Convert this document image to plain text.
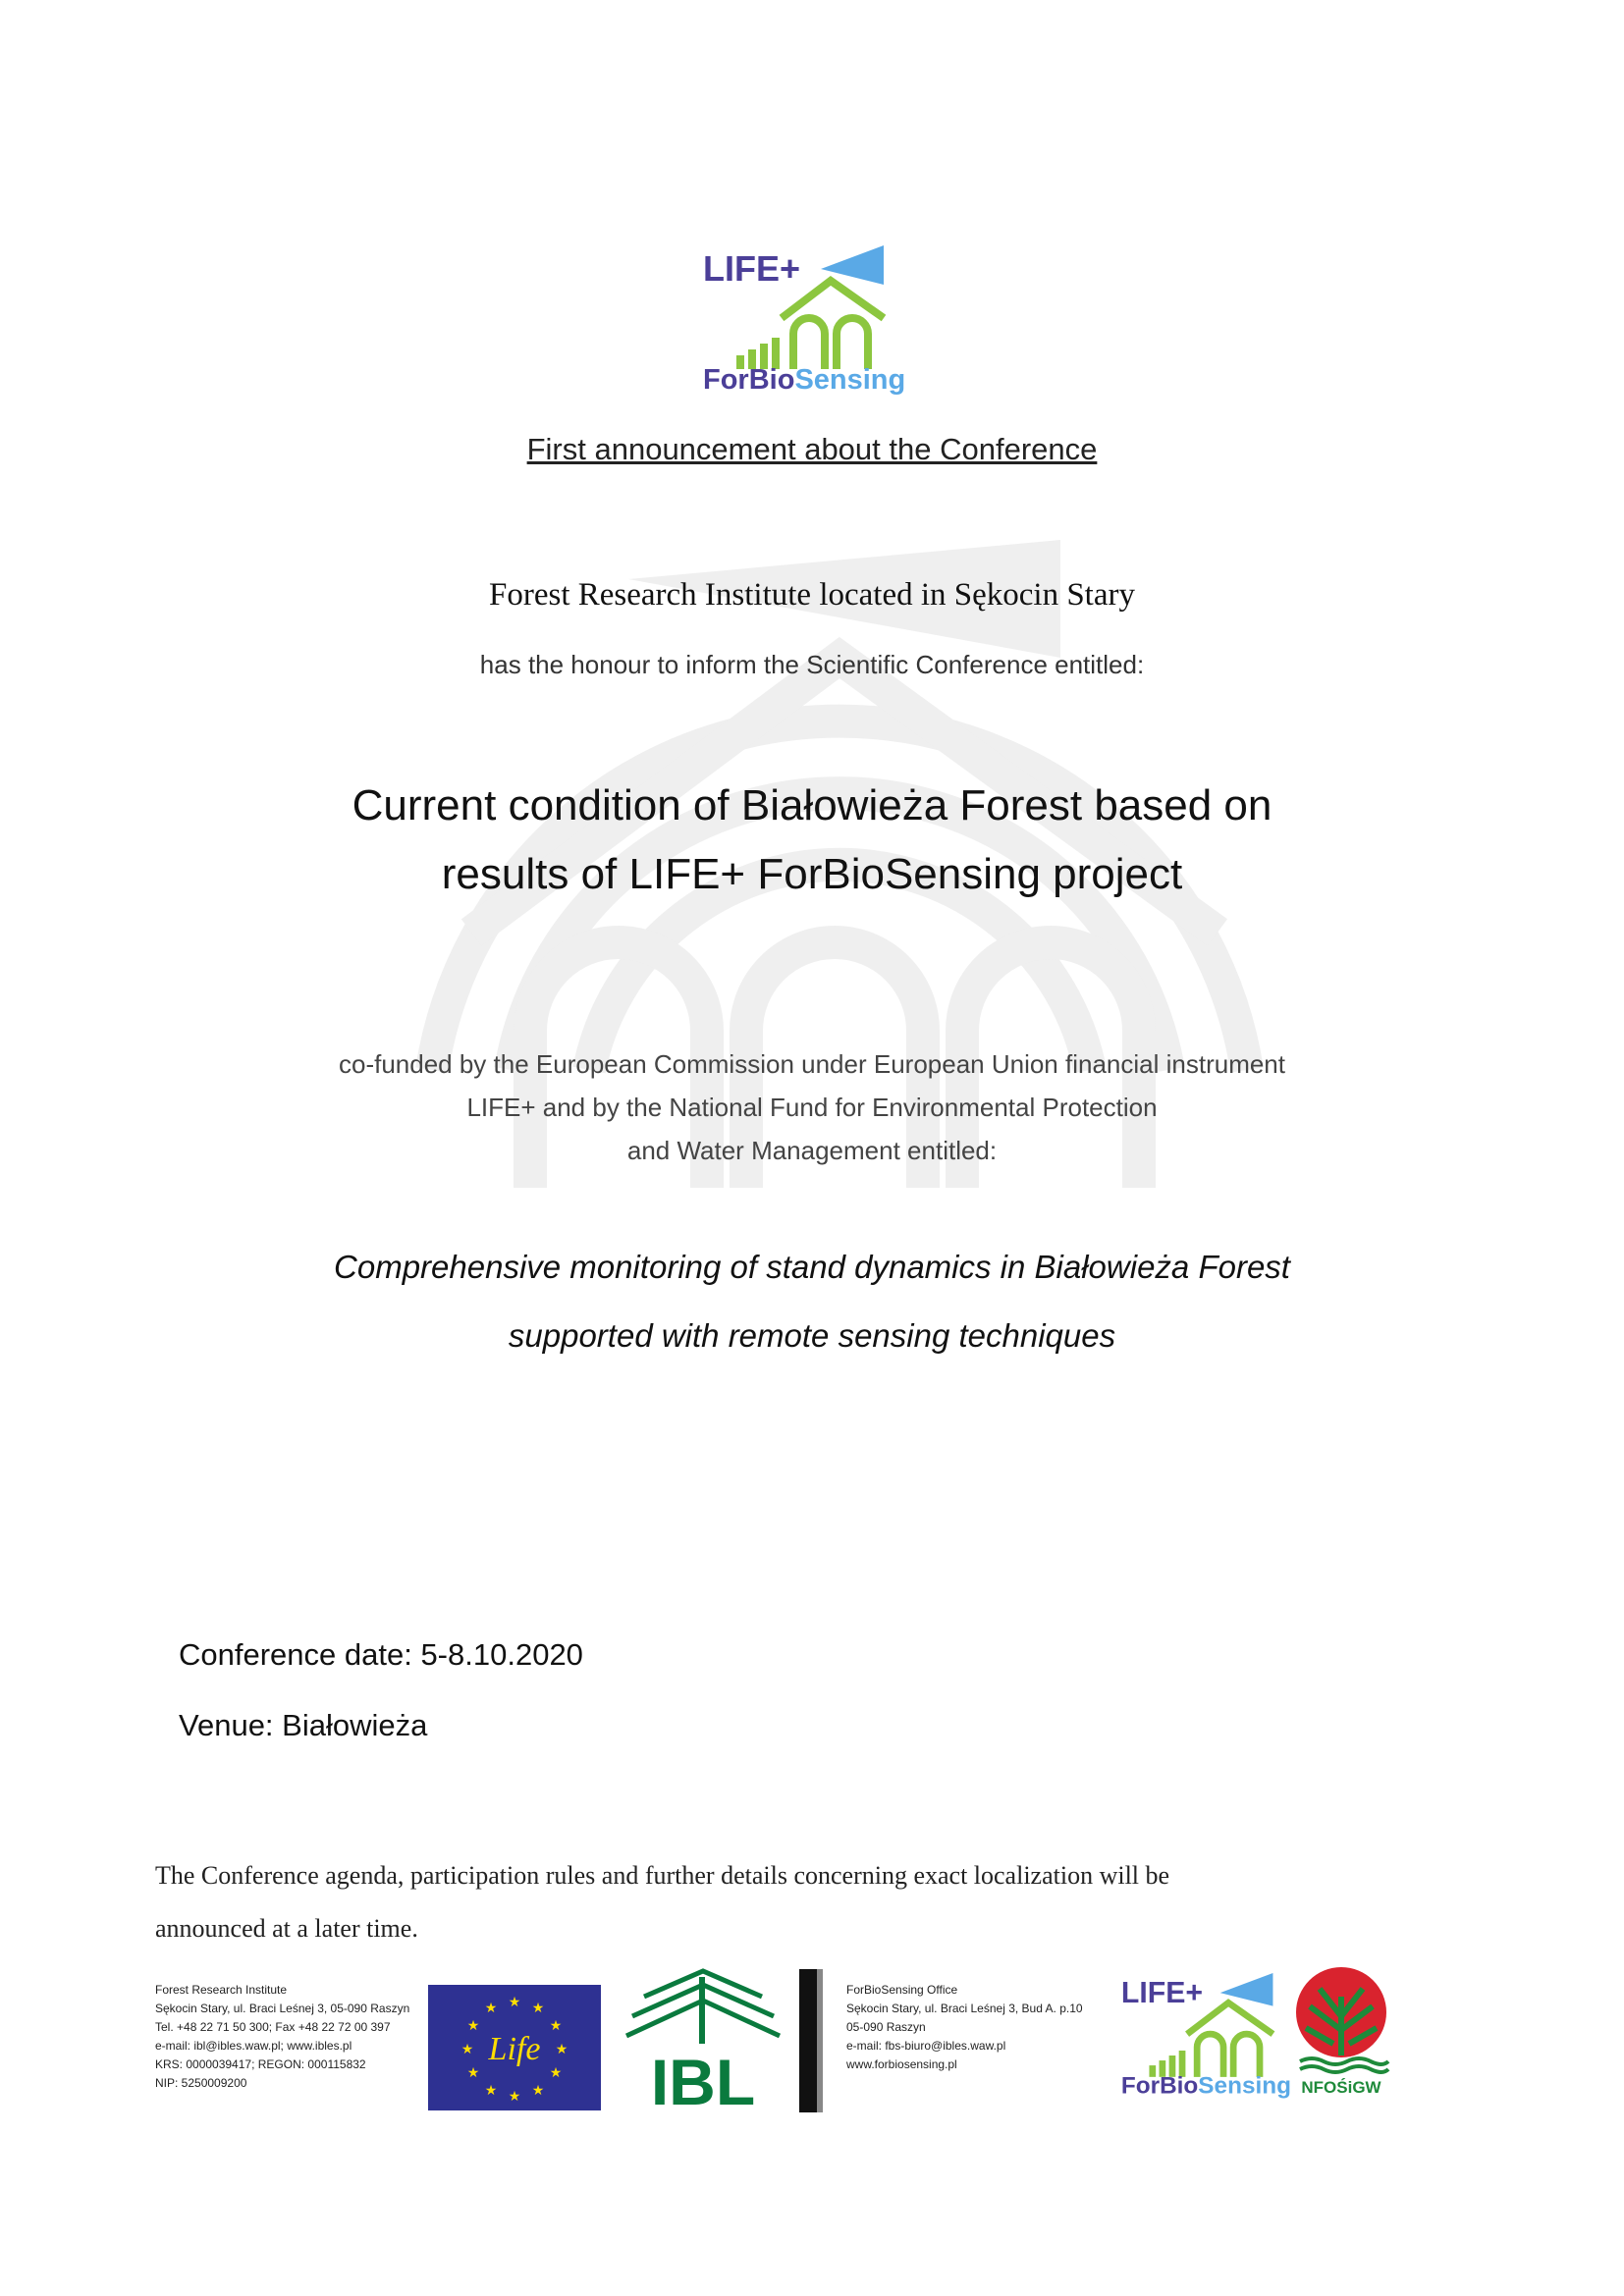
LIFE+
ForBioSensing
First announcement about the Conference
Forest Research Institute located in Sękocin Stary
has the honour to inform the Scientific Conference entitled:
Current condition of Białowieża Forest based on
results of LIFE+ ForBioSensing project
co-funded by the European Commission under European Union financial instrument
LIFE+ and by the National Fund for Environmental Protection
and Water Management entitled:
Comprehensive monitoring of stand dynamics in Białowieża Forest
supported with remote sensing techniques
Conference date: 5-8.10.2020
Venue: Białowieża
The Conference agenda, participation rules and further details concerning exact localization will be
announced at a later time.
Forest Research Institute
Sękocin Stary, ul. Braci Leśnej 3, 05-090 Raszyn
Tel. +48 22 71 50 300; Fax +48 22 72 00 397
e-mail: ibl@ibles.waw.pl; www.ibles.pl
KRS: 0000039417; REGON: 000115832
NIP: 5250009200
★ ★
★
★
★
★
★
★
★
★
★
★
Life IBL
ForBioSensing Office
Sękocin Stary, ul. Braci Leśnej 3, Bud A. p.10
05-090 Raszyn
e-mail: fbs-biuro@ibles.waw.pl
www.forbiosensing.pl
LIFE+
ForBioSensing NFOŚiGW
